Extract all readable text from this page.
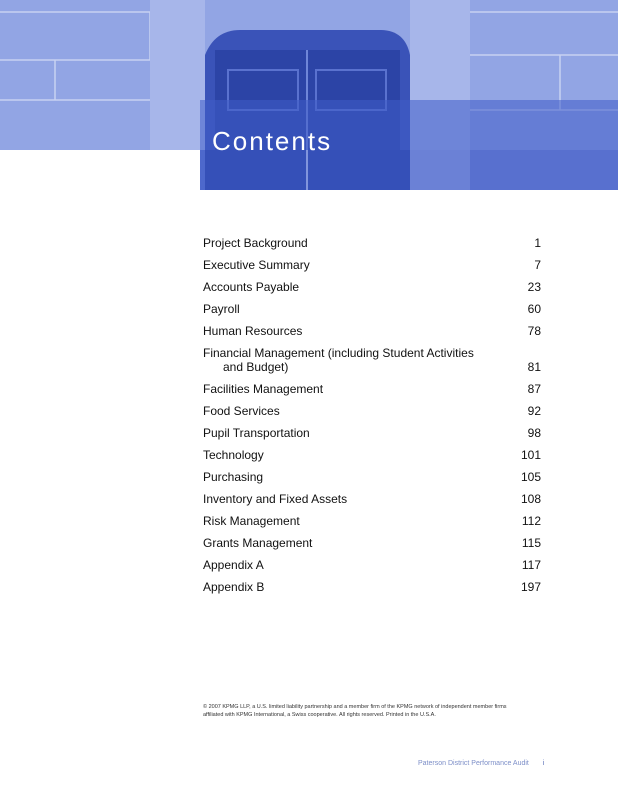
Contents
Project Background	1
Executive Summary	7
Accounts Payable	23
Payroll	60
Human Resources	78
Financial Management (including Student Activities
and Budget)	81
Facilities Management	87
Food Services	92
Pupil Transportation	98
Technology	101
Purchasing	105
Inventory and Fixed Assets	108
Risk Management	112
Grants Management	115
Appendix A	117
Appendix B	197
© 2007 KPMG LLP, a U.S. limited liability partnership and a member firm of the KPMG network of independent member firms
affiliated with KPMG International, a Swiss cooperative. All rights reserved. Printed in the U.S.A.
Paterson District Performance Audit i
